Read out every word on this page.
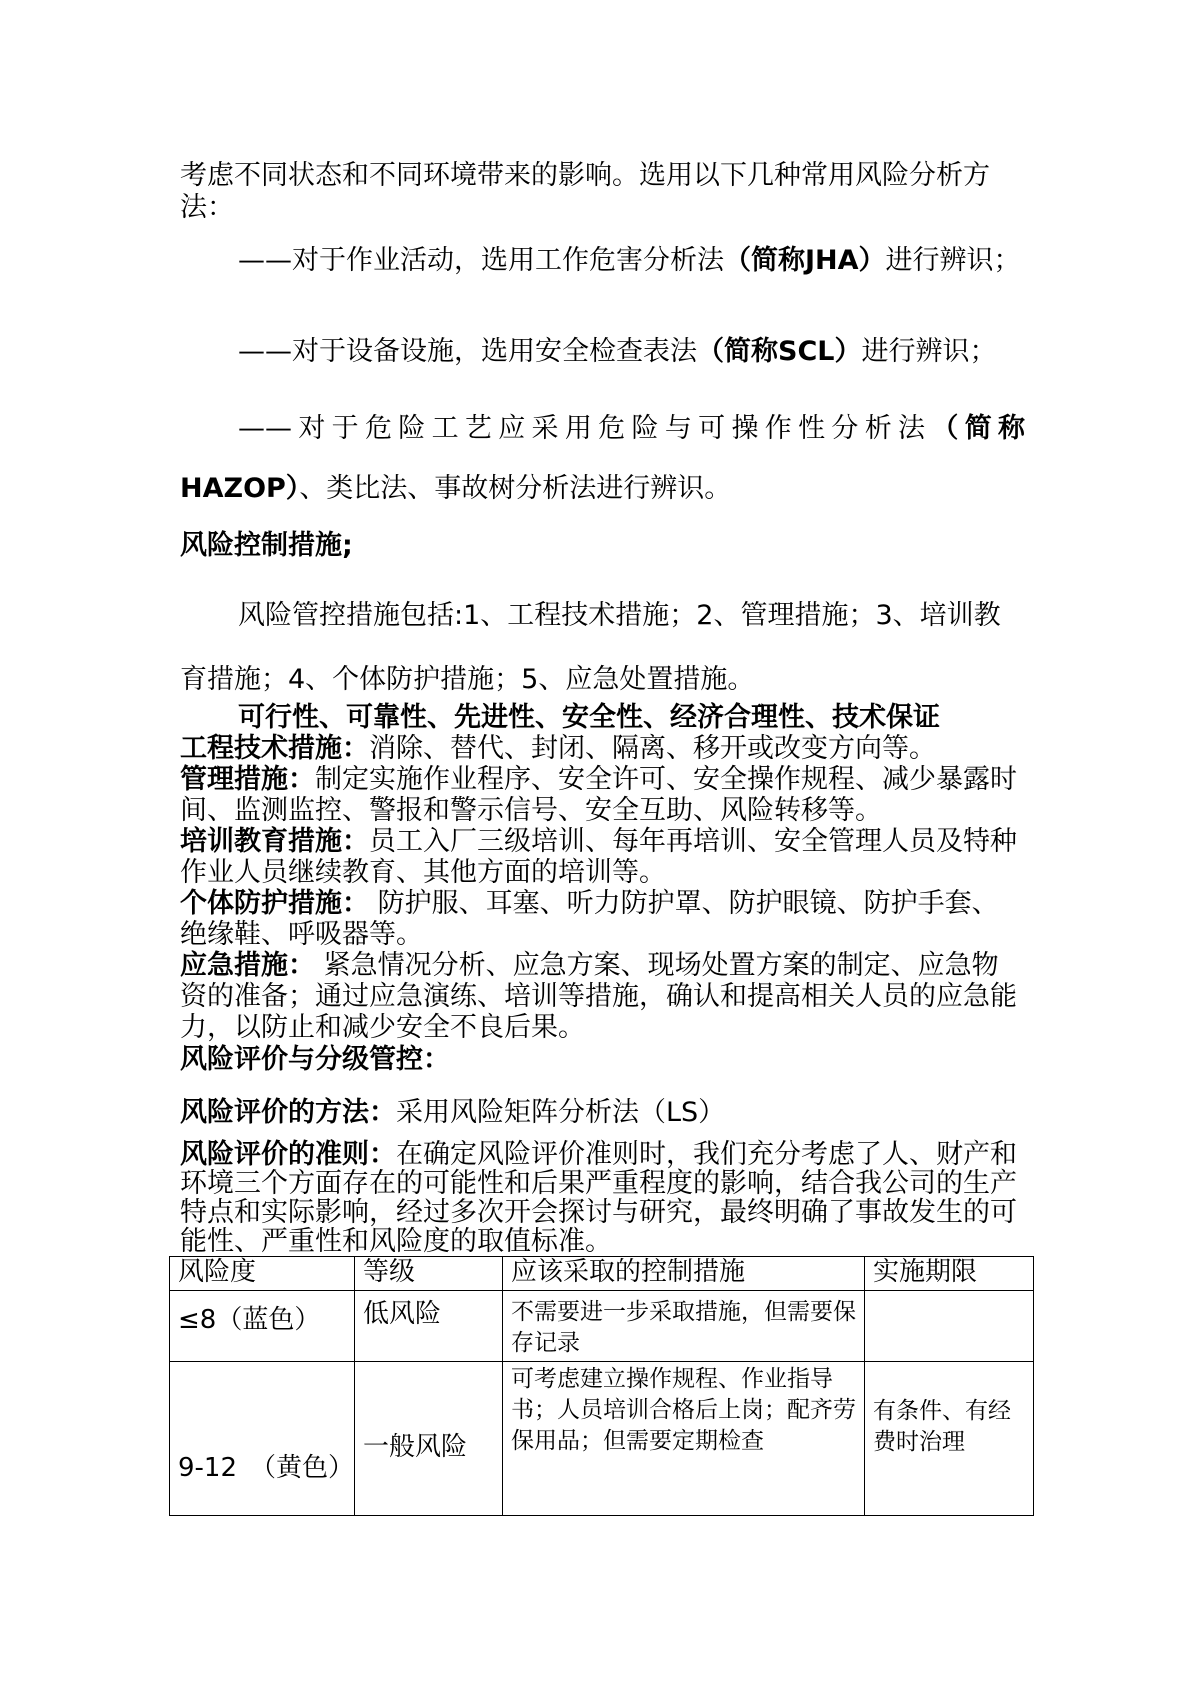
考虑不同状态和不同环境带来的影响。选用以下几种常用风险分析方法：

——对于作业活动，选用工作危害分析法（简称JHA）进行辨识；

——对于设备设施，选用安全检查表法（简称SCL）进行辨识；

——对于危险工艺应采用危险与可操作性分析法（简称HAZOP）、类比法、事故树分析法进行辨识。

风险控制措施;

风险管控措施包括:1、工程技术措施；2、管理措施；3、培训教育措施；4、个体防护措施；5、应急处置措施。

可行性、可靠性、先进性、安全性、经济合理性、技术保证

工程技术措施：消除、替代、封闭、隔离、移开或改变方向等。
管理措施：制定实施作业程序、安全许可、安全操作规程、减少暴露时间、监测监控、警报和警示信号、安全互助、风险转移等。
培训教育措施：员工入厂三级培训、每年再培训、安全管理人员及特种作业人员继续教育、其他方面的培训等。
个体防护措施： 防护服、耳塞、听力防护罩、防护眼镜、防护手套、绝缘鞋、呼吸器等。
应急措施： 紧急情况分析、应急方案、现场处置方案的制定、应急物资的准备；通过应急演练、培训等措施，确认和提高相关人员的应急能力，以防止和减少安全不良后果。

风险评价与分级管控：

风险评价的方法：采用风险矩阵分析法（LS）

风险评价的准则：在确定风险评价准则时，我们充分考虑了人、财产和环境三个方面存在的可能性和后果严重程度的影响，结合我公司的生产特点和实际影响，经过多次开会探讨与研究，最终明确了事故发生的可能性、严重性和风险度的取值标准。

风险度	等级	应该采取的控制措施	实施期限
≤8（蓝色）	低风险	不需要进一步采取措施，但需要保存记录	
9-12　（黄色）	一般风险	可考虑建立操作规程、作业指导书；人员培训合格后上岗；配齐劳保用品；但需要定期检查	有条件、有经费时治理
